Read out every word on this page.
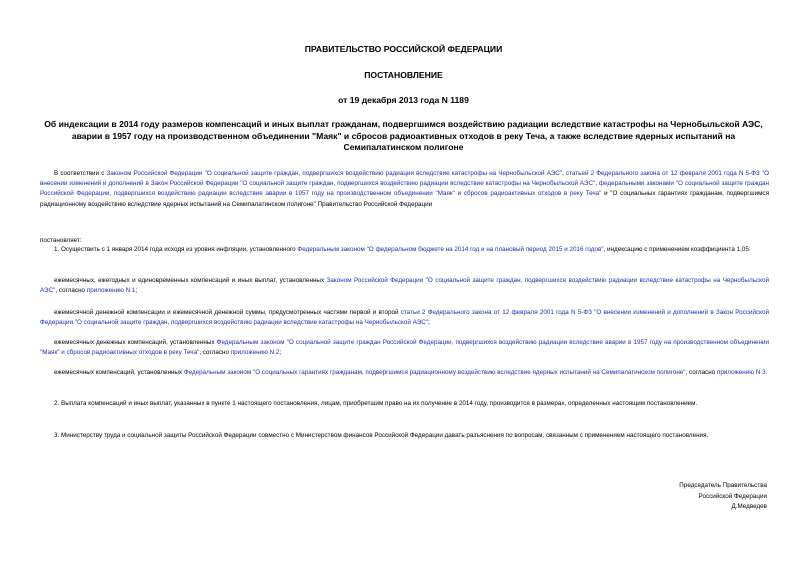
ПРАВИТЕЛЬСТВО РОССИЙСКОЙ ФЕДЕРАЦИИ
ПОСТАНОВЛЕНИЕ
от 19 декабря 2013 года N 1189
Об индексации в 2014 году размеров компенсаций и иных выплат гражданам, подвергшимся воздействию радиации вследствие катастрофы на Чернобыльской АЭС, аварии в 1957 году на производственном объединении "Маяк" и сбросов радиоактивных отходов в реку Теча, а также вследствие ядерных испытаний на Семипалатинском полигоне
В соответствии с Законом Российской Федерации "О социальной защите граждан, подвергшихся воздействию радиации вследствие катастрофы на Чернобыльской АЭС", статьей 2 Федерального закона от 12 февраля 2001 года N 5-ФЗ "О внесении изменений и дополнений в Закон Российской Федерации "О социальной защите граждан, подвергшихся воздействию радиации вследствие катастрофы на Чернобыльской АЭС", федеральными законами "О социальной защите граждан Российской Федерации, подвергшихся воздействию радиации вследствие аварии в 1957 году на производственном объединении "Маяк" и сбросов радиоактивных отходов в реку Теча" и "О социальных гарантиях гражданам, подвергшимся радиационному воздействию вследствие ядерных испытаний на Семипалатинском полигоне" Правительство Российской Федерации
постановляет:
1. Осуществить с 1 января 2014 года исходя из уровня инфляции, установленного Федеральным законом "О федеральном бюджете на 2014 год и на плановый период 2015 и 2016 годов", индексацию с применением коэффициента 1,05:
ежемесячных, ежегодных и единовременных компенсаций и иных выплат, установленных Законом Российской Федерации "О социальной защите граждан, подвергшихся воздействию радиации вследствие катастрофы на Чернобыльской АЭС", согласно приложению N 1;
ежемесячной денежной компенсации и ежемесячной денежной суммы, предусмотренных частями первой и второй статьи 2 Федерального закона от 12 февраля 2001 года N 5-ФЗ "О внесении изменений и дополнений в Закон Российской Федерации "О социальной защите граждан, подвергшихся воздействию радиации вследствие катастрофы на Чернобыльской АЭС";
ежемесячных денежных компенсаций, установленных Федеральным законом "О социальной защите граждан Российской Федерации, подвергшихся воздействию радиации вследствие аварии в 1957 году на производственном объединении "Маяк" и сбросов радиоактивных отходов в реку Теча", согласно приложению N 2;
ежемесячных компенсаций, установленных Федеральным законом "О социальных гарантиях гражданам, подвергшимся радиационному воздействию вследствие ядерных испытаний на Семипалатинском полигоне", согласно приложению N 3.
2. Выплата компенсаций и иных выплат, указанных в пункте 1 настоящего постановления, лицам, приобретшим право на их получение в 2014 году, производится в размерах, определенных настоящим постановлением.
3. Министерству труда и социальной защиты Российской Федерации совместно с Министерством финансов Российской Федерации давать разъяснения по вопросам, связанным с применением настоящего постановления.
Председатель Правительства
Российской Федерации
Д.Медведев
